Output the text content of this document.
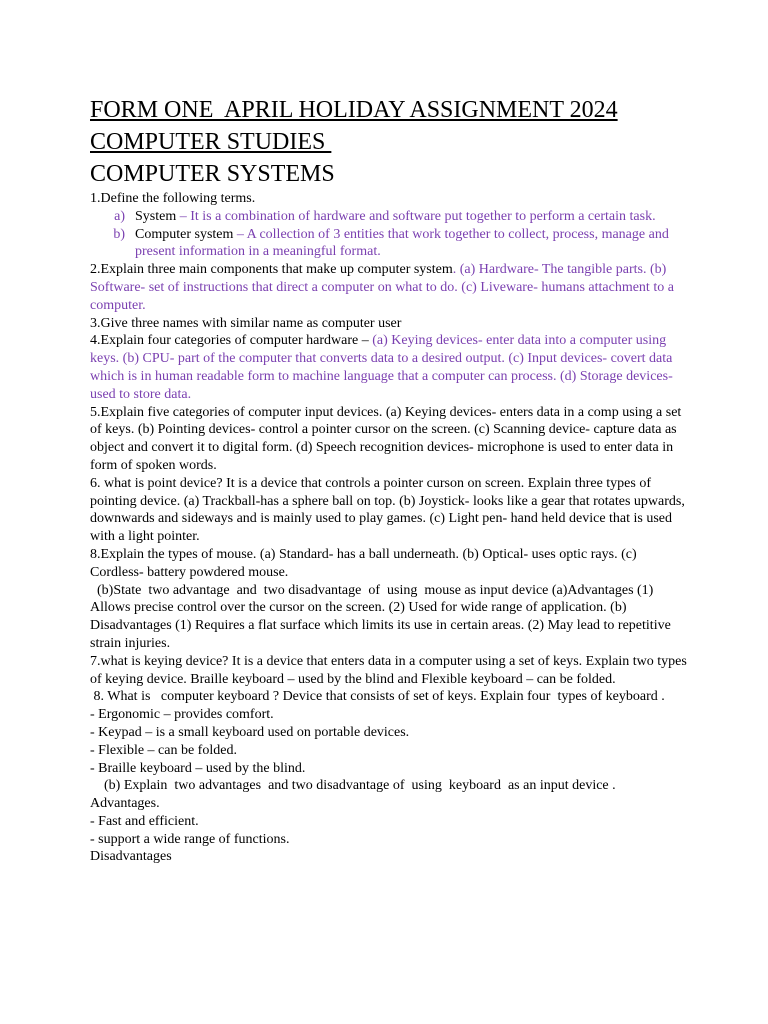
FORM ONE  APRIL HOLIDAY ASSIGNMENT 2024

COMPUTER STUDIES

COMPUTER SYSTEMS

1.Define the following terms.

a) System – It is a combination of hardware and software put together to perform a certain task.
b) Computer system – A collection of 3 entities that work together to collect, process, manage and present information in a meaningful format.

2.Explain three main components that make up computer system. (a) Hardware- The tangible parts. (b) Software- set of instructions that direct a computer on what to do. (c) Liveware- humans attachment to a computer.

3.Give three names with similar name as computer user

4.Explain four categories of computer hardware – (a) Keying devices- enter data into a computer using keys. (b) CPU- part of the computer that converts data to a desired output. (c) Input devices- covert data which is in human readable form to machine language that a computer can process. (d) Storage devices- used to store data.

5.Explain five categories of computer input devices. (a) Keying devices- enters data in a comp using a set of keys. (b) Pointing devices- control a pointer cursor on the screen. (c) Scanning device- capture data as object and convert it to digital form. (d) Speech recognition devices- microphone is used to enter data in form of spoken words.

6. what is point device? It is a device that controls a pointer curson on screen. Explain three types of pointing device. (a) Trackball-has a sphere ball on top. (b) Joystick- looks like a gear that rotates upwards, downwards and sideways and is mainly used to play games. (c) Light pen- hand held device that is used with a light pointer.

8.Explain the types of mouse. (a) Standard- has a ball underneath. (b) Optical- uses optic rays. (c) Cordless- battery powdered mouse.

(b)State  two advantage  and  two disadvantage  of  using  mouse as input device (a)Advantages (1) Allows precise control over the cursor on the screen. (2) Used for wide range of application. (b) Disadvantages (1) Requires a flat surface which limits its use in certain areas. (2) May lead to repetitive strain injuries.

7.what is keying device? It is a device that enters data in a computer using a set of keys. Explain two types of keying device. Braille keyboard – used by the blind and Flexible keyboard – can be folded.

8. What is   computer keyboard ? Device that consists of set of keys. Explain four  types of keyboard .

- Ergonomic – provides comfort.

- Keypad – is a small keyboard used on portable devices.

- Flexible – can be folded.

- Braille keyboard – used by the blind.

(b) Explain  two advantages  and two disadvantage of  using  keyboard  as an input device .

Advantages.

- Fast and efficient.

- support a wide range of functions.

Disadvantages
